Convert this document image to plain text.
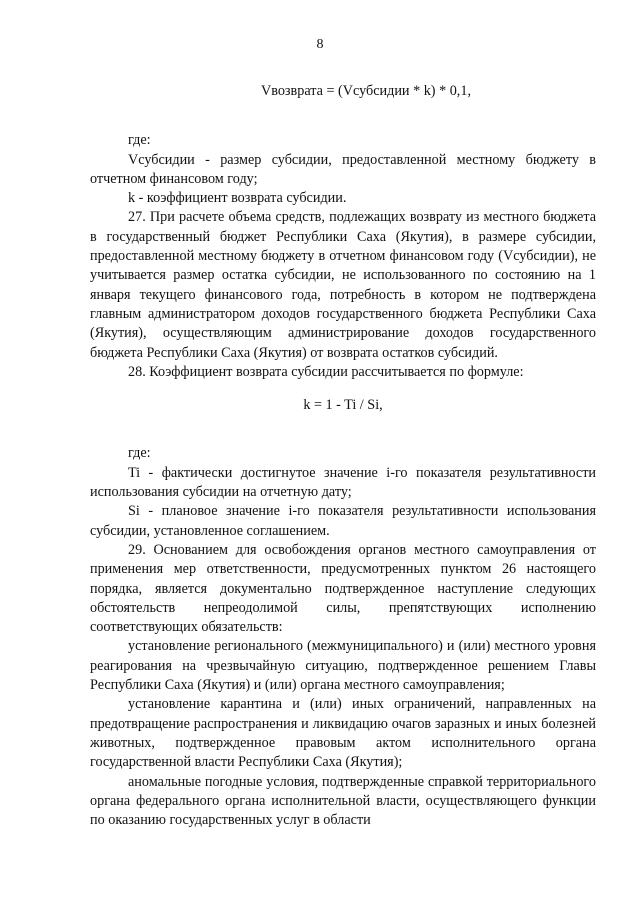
8

Vвозврата = (Vсубсидии * k) * 0,1,

где:

Vсубсидии - размер субсидии, предоставленной местному бюджету в отчетном финансовом году;

k - коэффициент возврата субсидии.

27. При расчете объема средств, подлежащих возврату из местного бюджета в государственный бюджет Республики Саха (Якутия), в размере субсидии, предоставленной местному бюджету в отчетном финансовом году (Vсубсидии), не учитывается размер остатка субсидии, не использованного по состоянию на 1 января текущего финансового года, потребность в котором не подтверждена главным администратором доходов государственного бюджета Республики Саха (Якутия), осуществляющим администрирование доходов государственного бюджета Республики Саха (Якутия) от возврата остатков субсидий.

28. Коэффициент возврата субсидии рассчитывается по формуле:

k = 1 - Ti / Si,

где:

Ti - фактически достигнутое значение i-го показателя результативности использования субсидии на отчетную дату;

Si - плановое значение i-го показателя результативности использования субсидии, установленное соглашением.

29. Основанием для освобождения органов местного самоуправления от применения мер ответственности, предусмотренных пунктом 26 настоящего порядка, является документально подтвержденное наступление следующих обстоятельств непреодолимой силы, препятствующих исполнению соответствующих обязательств:

установление регионального (межмуниципального) и (или) местного уровня реагирования на чрезвычайную ситуацию, подтвержденное решением Главы Республики Саха (Якутия) и (или) органа местного самоуправления;

установление карантина и (или) иных ограничений, направленных на предотвращение распространения и ликвидацию очагов заразных и иных болезней животных, подтвержденное правовым актом исполнительного органа государственной власти Республики Саха (Якутия);

аномальные погодные условия, подтвержденные справкой территориального органа федерального органа исполнительной власти, осуществляющего функции по оказанию государственных услуг в области
